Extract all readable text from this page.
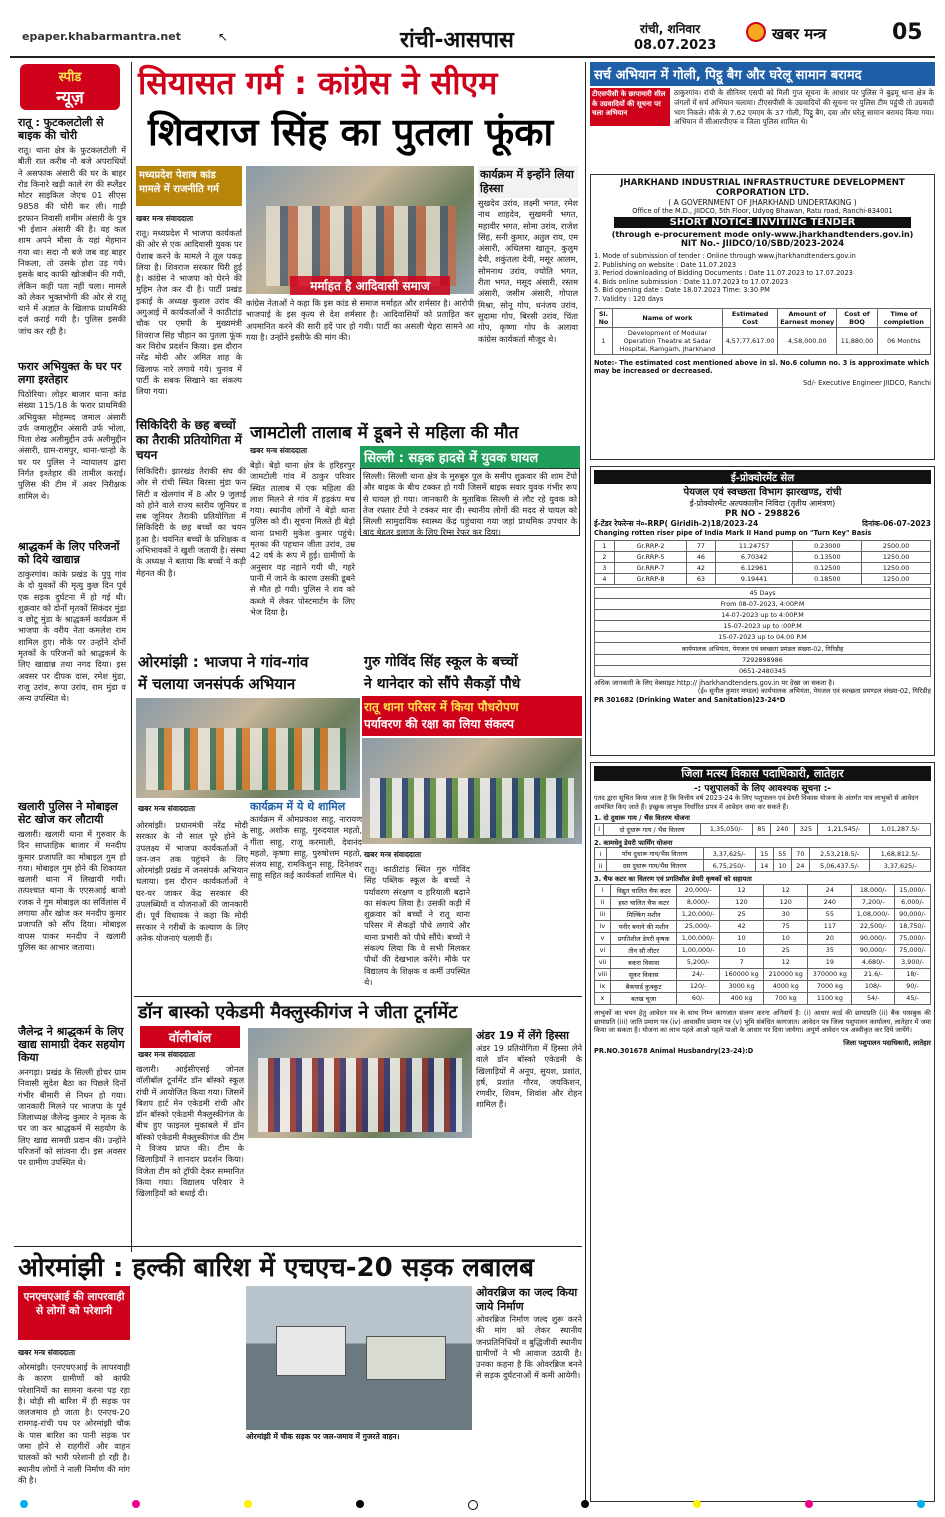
epaper.khabarmantra.net	↖	रांची-आसपास	रांची, शनिवार
08.07.2023
खबर मन्त्र	05
स्पीड
न्यूज़
रातू : फुटकलटोली से बाइक की चोरी
रातू। थाना क्षेत्र के फुटकलटोली में बीती रात करीब नौ बजे अपराधियों ने असफाक अंसारी की घर के बाहर रोड किनारे खड़ी काले रंग की स्प्लेंडर मोटर साइकिल जेएच 01 सीएस 9858 की चोरी कर ली। गाड़ी इरफान निवासी शमीम अंसारी के पुत्र भी ईशान अंसारी की है। वह कल शाम अपने मौसा के यहां मेहमान गया था। सदा नौ बजे जब वह बाहर निकला, तो उसके होश उड़ गये। इसके बाद काफी खोजबीन की गयी, लेकिन कहीं पता नहीं चला। मामले को लेकर भुक्तभोगी की ओर से रातू थाने में अज्ञात के खिलाफ प्राथमिकी दर्ज कराई गयी है। पुलिस इसकी जांच कर रही है।
फरार अभियुक्त के घर पर लगा इश्तेहार
पिठोरिया। लोड़र बाजार थाना कांड संख्या 115/18 के फरार प्राथमिकी अभियुक्त मोहम्मद जमाल अंसारी उर्फ जमालुद्दीन अंसारी उर्फ भोला, पिता शेख अलीमुद्दीन उर्फ अलीमुद्दीन अंसारी, ग्राम-रामपुर, थाना-चान्हो के घर पर पुलिस ने न्यायालय द्वारा निर्गत इश्तेहार की तामील कराई। पुलिस की टीम में अवर निरीक्षक शामिल थे।
श्राद्धकर्म के लिए परिजनों को दिये खाद्यान्न
ठाकुरगांव। कांके प्रखंड के पुपु गांव के दो युवकों की मृत्यु कुछ दिन पूर्व एक सड़क दुर्घटना में हो गई थी। शुक्रवार को दोनों मृतकों सिकंदर मुंडा व छोटू मुंडा के श्राद्धकर्म कार्यक्रम में भाजपा के वरीय नेता कमलेश राम शामिल हुए। मौके पर उन्होंने दोनों मृतकों के परिजनों को श्राद्धकर्म के लिए खाद्यान्न तथा नगद दिया। इस अवसर पर दीपक दास, रमेश मुंडा, राजू उरांव, रूपा उरांव, राम मुंडा व अन्य उपस्थित थे।
खलारी पुलिस ने मोबाइल सेट खोज कर लौटायी
खलारी। खलारी थाना में गुरुवार के दिन साप्ताहिक बाजार में मनदीप कुमार प्रजापति का मोबाइल गुम हो गया। मोबाइल गुम होने की शिकायत खलारी थाना में लिखायी गयी। तत्पश्चात थाना के एएसआई बाजो रजक ने गुम मोबाइल का सर्विलांस में लगाया और खोज कर मनदीप कुमार प्रजापति को सौंप दिया। मोबाइल वापस पाकर मनदीप ने खलारी पुलिस का आभार जताया।
जैलेन्द्र ने श्राद्धकर्म के लिए खाद्य सामाग्री देकर सहयोग किया
अनगड़ा। प्रखंड के सिल्ली होचर ग्राम निवासी सुदेश बैठा का पिछले दिनों गंभीर बीमारी से निधन हो गया। जानकारी मिलने पर भाजपा के पूर्व जिलाध्यक्ष जैलेन्द्र कुमार ने मृतक के घर जा कर श्राद्धकर्म में सहयोग के लिए खाद्य सामग्री प्रदान की। उन्होंने परिजनों को सांत्वना दी। इस अवसर पर ग्रामीण उपस्थित थे।
सियासत गर्म : कांग्रेस ने सीएम
शिवराज सिंह का पुतला फूंका
मध्यप्रदेश पेशाब कांड मामले में राजनीति गर्म
खबर मन्त्र संवाददाता
रातू। मध्यप्रदेश में भाजपा कार्यकर्ता की ओर से एक आदिवासी युवक पर पेशाब करने के मामले ने तूल पकड़ लिया है। शिवराज सरकार घिरी हुई है। कांग्रेस ने भाजपा को घेरने की मुहिम तेज कर दी है। पार्टी प्रखंड इकाई के अध्यक्ष कुशल उरांव की अगुआई में कार्यकर्ताओं ने काठीटांड़ चौक पर एमपी के मुख्यमंत्री शिवराज सिंह चौहान का पुतला फूंक कर विरोध प्रदर्शन किया। इस दौरान नरेंद्र मोदी और अमित शाह के खिलाफ नारे लगाये गये। चुनाव में पार्टी के सबक सिखाने का संकल्प लिया गया।
मर्माहत है आदिवासी समाज
कांग्रेस नेताओं ने कहा कि इस कांड से समाज मर्माहत और शर्मसार है। आरोपी भाजपाई के इस कृत्य से देश शर्मसार है। आदिवासियों को प्रताड़ित कर अपमानित करने की सारी हदें पार हो गयी। पार्टी का असली चेहरा सामने आ गया है। उन्होंने इस्तीफे की मांग की।
कार्यक्रम में इन्होंने लिया हिस्सा
सुखदेव उरांव, लक्ष्मी भगत, रमेश नाथ शाहदेव, सुखमनी भगत, महावीर भगत, सोमा उरांव, राजेश सिंह, सनी कुमार, अतुल राय, एम अंसारी, अधिलमा खातून, कुलुम देवी, शकुंतला देवी, मसूर आलम, सोमनाथ उरांव, ज्योति भगत, रीता भगत, मसूद अंसारी, रस्तम अंसारी, जसीम अंसारी, गोपाल मिश्रा, सोनू गोप, धनंजय उरांव, सुदामा गोप, बिरसी उरांव, चिंता गोप, कृष्णा गोप के अलावा कांग्रेस कार्यकर्ता मौजूद थे।
सिकिदिरी के छह बच्चों का तैराकी प्रतियोगिता में चयन
सिकिदिरी। झारखंड तैराकी संघ की ओर से रांची स्थित बिरसा मुंडा फन सिटी व खेलगांव में 8 और 9 जुलाई को होने वाले राज्य स्तरीय जूनियर व सब जूनियर तैराकी प्रतियोगिता में सिकिदिरी के छह बच्चों का चयन हुआ है। चयनित बच्चों के प्रशिक्षक व अभिभावकों ने खुशी जतायी है। संस्था के अध्यक्ष ने बताया कि बच्चों ने कड़ी मेहनत की है।
जामटोली तालाब में डूबने से महिला की मौत
खबर मन्त्र संवाददाता
बेड़ो। बेड़ो थाना क्षेत्र के हरिहरपुर जामटोली गांव में ठाकुर परिवार स्थित तालाब में एक महिला की लाश मिलने से गांव में हड़कंप मच गया। स्थानीय लोगों ने बेड़ो थाना पुलिस को दी। सूचना मिलते ही बेड़ो थाना प्रभारी मुकेश कुमार पहुंचे। मृतका की पहचान जीता उरांव, उम्र 42 वर्ष के रूप में हुई। ग्रामीणों के अनुसार वह नहाने गयी थी, गहरे पानी में जाने के कारण उसकी डूबने से मौत हो गयी। पुलिस ने शव को कब्जे में लेकर पोस्टमार्टम के लिए भेज दिया है।
सिल्ली : सड़क हादसे में युवक घायल
सिल्ली। सिल्ली थाना क्षेत्र के मुरुबुरु पुल के समीप शुक्रवार की शाम टेंपो और बाइक के बीच टक्कर हो गयी जिसमें बाइक सवार युवक गंभीर रूप से घायल हो गया। जानकारी के मुताबिक सिल्ली से लौट रहे युवक को तेज रफ्तार टेंपो ने टक्कर मार दी। स्थानीय लोगों की मदद से घायल को सिल्ली सामुदायिक स्वास्थ्य केंद्र पहुंचाया गया जहां प्राथमिक उपचार के बाद बेहतर इलाज के लिए रिम्स रेफर कर दिया।
ओरमांझी : भाजपा ने गांव-गांव
में चलाया जनसंपर्क अभियान
खबर मन्त्र संवाददाता
ओरमांझी। प्रधानमंत्री नरेंद्र मोदी सरकार के नौ साल पूरे होने के उपलक्ष्य में भाजपा कार्यकर्ताओं ने जन-जन तक पहुंचने के लिए ओरमांझी प्रखंड में जनसंपर्क अभियान चलाया। इस दौरान कार्यकर्ताओं ने घर-घर जाकर केंद्र सरकार की उपलब्धियों व योजनाओं की जानकारी दी। पूर्व विधायक ने कहा कि मोदी सरकार ने गरीबों के कल्याण के लिए अनेक योजनाएं चलायी हैं।
कार्यक्रम में ये थे शामिल
कार्यक्रम में ओमप्रकाश साहू, नारायण साहू, अशोक साहू, गुरुदयाल महतो, गीता साहू, राजू करमाली, देवानंद महतो, कृष्णा साहू, पुरुषोत्तम महतो, संजय साहू, रामकिशुन साहू, दिनेशवर साहू सहित कई कार्यकर्ता शामिल थे।
गुरु गोविंद सिंह स्कूल के बच्चों
ने थानेदार को सौंपे सैकड़ों पौधे
रातू थाना परिसर में किया पौधरोपण
पर्यावरण की रक्षा का लिया संकल्प
खबर मन्त्र संवाददाता
रातू। काठीटांड़ स्थित गुरु गोविंद सिंह पब्लिक स्कूल के बच्चों ने पर्यावरण संरक्षण व हरियाली बढ़ाने का संकल्प लिया है। उसकी कड़ी में शुक्रवार को बच्चों ने रातू थाना परिसर में सैकड़ों पौधे लगाये और थाना प्रभारी को पौधे सौंपे। बच्चों ने संकल्प लिया कि वे सभी मिलकर पौधों की देखभाल करेंगे। मौके पर विद्यालय के शिक्षक व कर्मी उपस्थित थे।
डॉन बास्को एकेडमी मैक्लुस्कीगंज ने जीता टूर्नामेंट
वॉलीबॉल
खबर मन्त्र संवाददाता
खलारी। आईसीएसई जोनल वॉलीबॉल टूर्नामेंट डॉन बॉस्को स्कूल रांची में आयोजित किया गया। जिसमें बिशप हार्ट मेन एकेडमी रांची और डॉन बॉस्को एकेडमी मैक्लुस्कीगंज के बीच हुए फाइनल मुकाबले में डॉन बॉस्को एकेडमी मैक्लुस्कीगंज की टीम ने विजय प्राप्त की। टीम के खिलाड़ियों ने शानदार प्रदर्शन किया। विजेता टीम को ट्रॉफी देकर सम्मानित किया गया। विद्यालय परिवार ने खिलाड़ियों को बधाई दी।
अंडर 19 में लेंगे हिस्सा
अंडर 19 प्रतियोगिता में हिस्सा लेने वाले डॉन बॉस्को एकेडमी के खिलाड़ियों में अनूप, सुयश, प्रशांत, हर्ष, प्रशांत गौरव, जयकिशन, रणवीर, शिवम, शिवांश और रोहन शामिल हैं।
ओरमांझी : हल्की बारिश में एचएच-20 सड़क लबालब
एनएचएआई की लापरवाही से लोगों को परेशानी
खबर मन्त्र संवाददाता
ओरमांझी। एनएचएआई के लापरवाही के कारण ग्रामीणों को काफी परेशानियों का सामना करना पड़ रहा है। थोड़ी सी बारिश में ही सड़क पर जलजमाव हो जाता है। एनएच-20 रामगढ़-रांची पथ पर ओरमांझी चौक के पास बारिश का पानी सड़क पर जमा होने से राहगीरों और वाहन चालकों को भारी परेशानी हो रही है। स्थानीय लोगों ने नाली निर्माण की मांग की है।
ओरमांझी में चौक सड़क पर जल-जमाव में गुजरते वाहन।
ओवरब्रिज का जल्द किया जाये निर्माण
ओवरब्रिज निर्माण जल्द शुरू करने की मांग को लेकर स्थानीय जनप्रतिनिधियों व बुद्धिजीवी स्थानीय ग्रामीणों ने भी आवाज उठायी है। उनका कहना है कि ओवरब्रिज बनने से सड़क दुर्घटनाओं में कमी आयेगी।
सर्च अभियान में गोली, पिट्ठू बैग और घरेलू सामान बरामद
टीएसपीसी के छापामारी सील के उग्रवादियों की सूचना पर चला अभियान
ठाकुरगांव। रांची के सीनियर एसपी को मिली गुप्त सूचना के आधार पर पुलिस ने बुढ़मू थाना क्षेत्र के जंगलों में सर्च अभियान चलाया। टीएसपीसी के उग्रवादियों की सूचना पर पुलिस टीम पहुंची तो उग्रवादी भाग निकले। मौके से 7.62 एमएम के 37 गोली, पिट्ठू बैग, दवा और घरेलू सामान बरामद किया गया। अभियान में सीआरपीएफ व जिला पुलिस शामिल थे।
JHARKHAND INDUSTRIAL INFRASTRUCTURE DEVELOPMENT CORPORATION LTD.
( A GOVERNMENT OF JHARKHAND UNDERTAKING )
Office of the M.D., JIIDCO, 5th Floor, Udyog Bhawan, Ratu road, Ranchi-834001
SHORT NOTICE INVITING TENDER
(through e-procurement mode only-www.jharkhandtenders.gov.in)
NIT No.- JIIDCO/10/SBD/2023-2024
1. Mode of submission of tender : Online through www.jharkhandtenders.gov.in
2. Publishing on website : Date 11.07.2023
3. Period downloading of Bidding Documents : Date 11.07.2023 to 17.07.2023
4. Bids online submission : Date 11.07.2023 to 17.07.2023
5. Bid opening date : Date 18.07.2023 Time: 3:30 PM
7. Validity : 120 days
Sl. No	Name of work	Estimated Cost	Amount of Earnest money	Cost of BOQ	Time of completion
1	Development of Modular Operation Theatre at Sadar Hospital, Ramgarh, Jharkhand	4,57,77,617.00	4,58,000.00	11,880.00	06 Months
Note:- The estimated cost mentioned above in sl. No.6 column no. 3 is approximate which may be increased or decreased.
Sd/- Executive Engineer JIIDCO, Ranchi
ई-प्रोक्योरमेंट सेल
पेयजल एवं स्वच्छता विभाग झारखण्ड, रांची
ई-प्रोक्योरमेंट अल्पकालीन निविदा (तृतीय आमंत्रण)
PR NO - 298826
ई-टेंडर रेफरेन्स नं०-RRP( Giridih-2)18/2023-24	दिनांक-06-07-2023
Changing rotten riser pipe of India Mark II Hand pump on "Turn Key" Basis
1	Gr.RRP-2	77	11.24757	0.23000	2500.00
2	Gr.RRP-5	46	6.70342	0.13500	1250.00
3	Gr.RRP-7	42	6.12961	0.12500	1250.00
4	Gr.RRP-8	63	9.19441	0.18500	1250.00
45 Days
From 08-07-2023, 4:00P.M
14-07-2023 up to 4:00P.M
15-07-2023 up to :00P.M
15-07-2023 up to 04.00 P.M
कार्यपालक अभियंता, पेयजल एवं स्वच्छता प्रमंडल संख्या-02, गिरिडीह
7292898986
0651-2480345
अधिक जानकारी के लिए वेबसाइट http:// jharkhandtenders.gov.in पर देखा जा सकता है।
(ई० सुनील कुमार मण्डल) कार्यपालक अभियंता, पेयजल एवं स्वच्छता प्रमण्डल संख्या-02, गिरिडीह
PR 301682 (Drinking Water and Sanitation)23-24*D
जिला मत्स्य विकास पदाधिकारी, लातेहार
-: पशुपालकों के लिए आवश्यक सूचना :-
एतद द्वारा सूचित किया जाता है कि वित्तीय वर्ष 2023-24 के लिए पशुपालन एवं डेयरी विकास योजना के अंतर्गत पात्र लाभुकों से आवेदन आमंत्रित किए जाते हैं। इच्छुक लाभुक निर्धारित प्रपत्र में आवेदन जमा कर सकते हैं।
1. दो दुधारू गाय / भैंस वितरण योजना
i	दो दुधारू गाय / भैंस वितरण	1,35,050/-	85	240	325	1,21,545/-	1,01,287.5/-
2. कामधेनु डेयरी फार्मिंग योजना
i	पाँच दुधारू गाय/भैंस वितरण	3,37,625/-	15	55	70	2,53,218.5/-	1,68,812.5/-
ii	दस दुधारू गाय/भैंस वितरण	6,75,250/-	14	10	24	5,06,437.5/-	3,37,625/-
3. चैफ कटर का वितरण एवं प्रगतिशील डेयरी कृषकों को सहायता
i	विद्युत चालित चैफ कटर	20,000/-	12	12	24	18,000/-	15,000/-
ii	हस्त चालित चैफ कटर	8,000/-	120	120	240	7,200/-	6,000/-
iii	मिल्किंग मशीन	1,20,000/-	25	30	55	1,08,000/-	90,000/-
iv	पनीर बनाने की मशीन	25,000/-	42	75	117	22,500/-	18,750/-
v	प्रगतिशील डेयरी कृषक	1,00,000/-	10	10	20	90,000/-	75,000/-
vi	तीन सौ लीटर	1,00,000/-	10	25	35	90,000/-	75,000/-
vii	बकरा विकास	5,200/-	7	12	19	4,680/-	3,900/-
viii	सूकर विकास	24/-	160000 kg	210000 kg	370000 kg	21.6/-	18/-
ix	बैकयार्ड कुक्कुट	120/-	3000 kg	4000 kg	7000 kg	108/-	90/-
x	बतख चूजा	60/-	400 kg	700 kg	1100 kg	54/-	45/-
लाभुकों का चयन हेतु आवेदन पत्र के साथ निम्न कागजात संलग्न करना अनिवार्य है: (i) आधार कार्ड की छायाप्रति (ii) बैंक पासबुक की छायाप्रति (iii) जाति प्रमाण पत्र (iv) आवासीय प्रमाण पत्र (v) भूमि संबंधित कागजात। आवेदन पत्र जिला पशुपालन कार्यालय, लातेहार में जमा किया जा सकता है। योजना का लाभ पहले आओ पहले पाओ के आधार पर दिया जायेगा। अपूर्ण आवेदन पत्र अस्वीकृत कर दिये जायेंगे।
जिला पशुपालन पदाधिकारी, लातेहार
PR.NO.301678 Animal Husbandry(23-24):D
